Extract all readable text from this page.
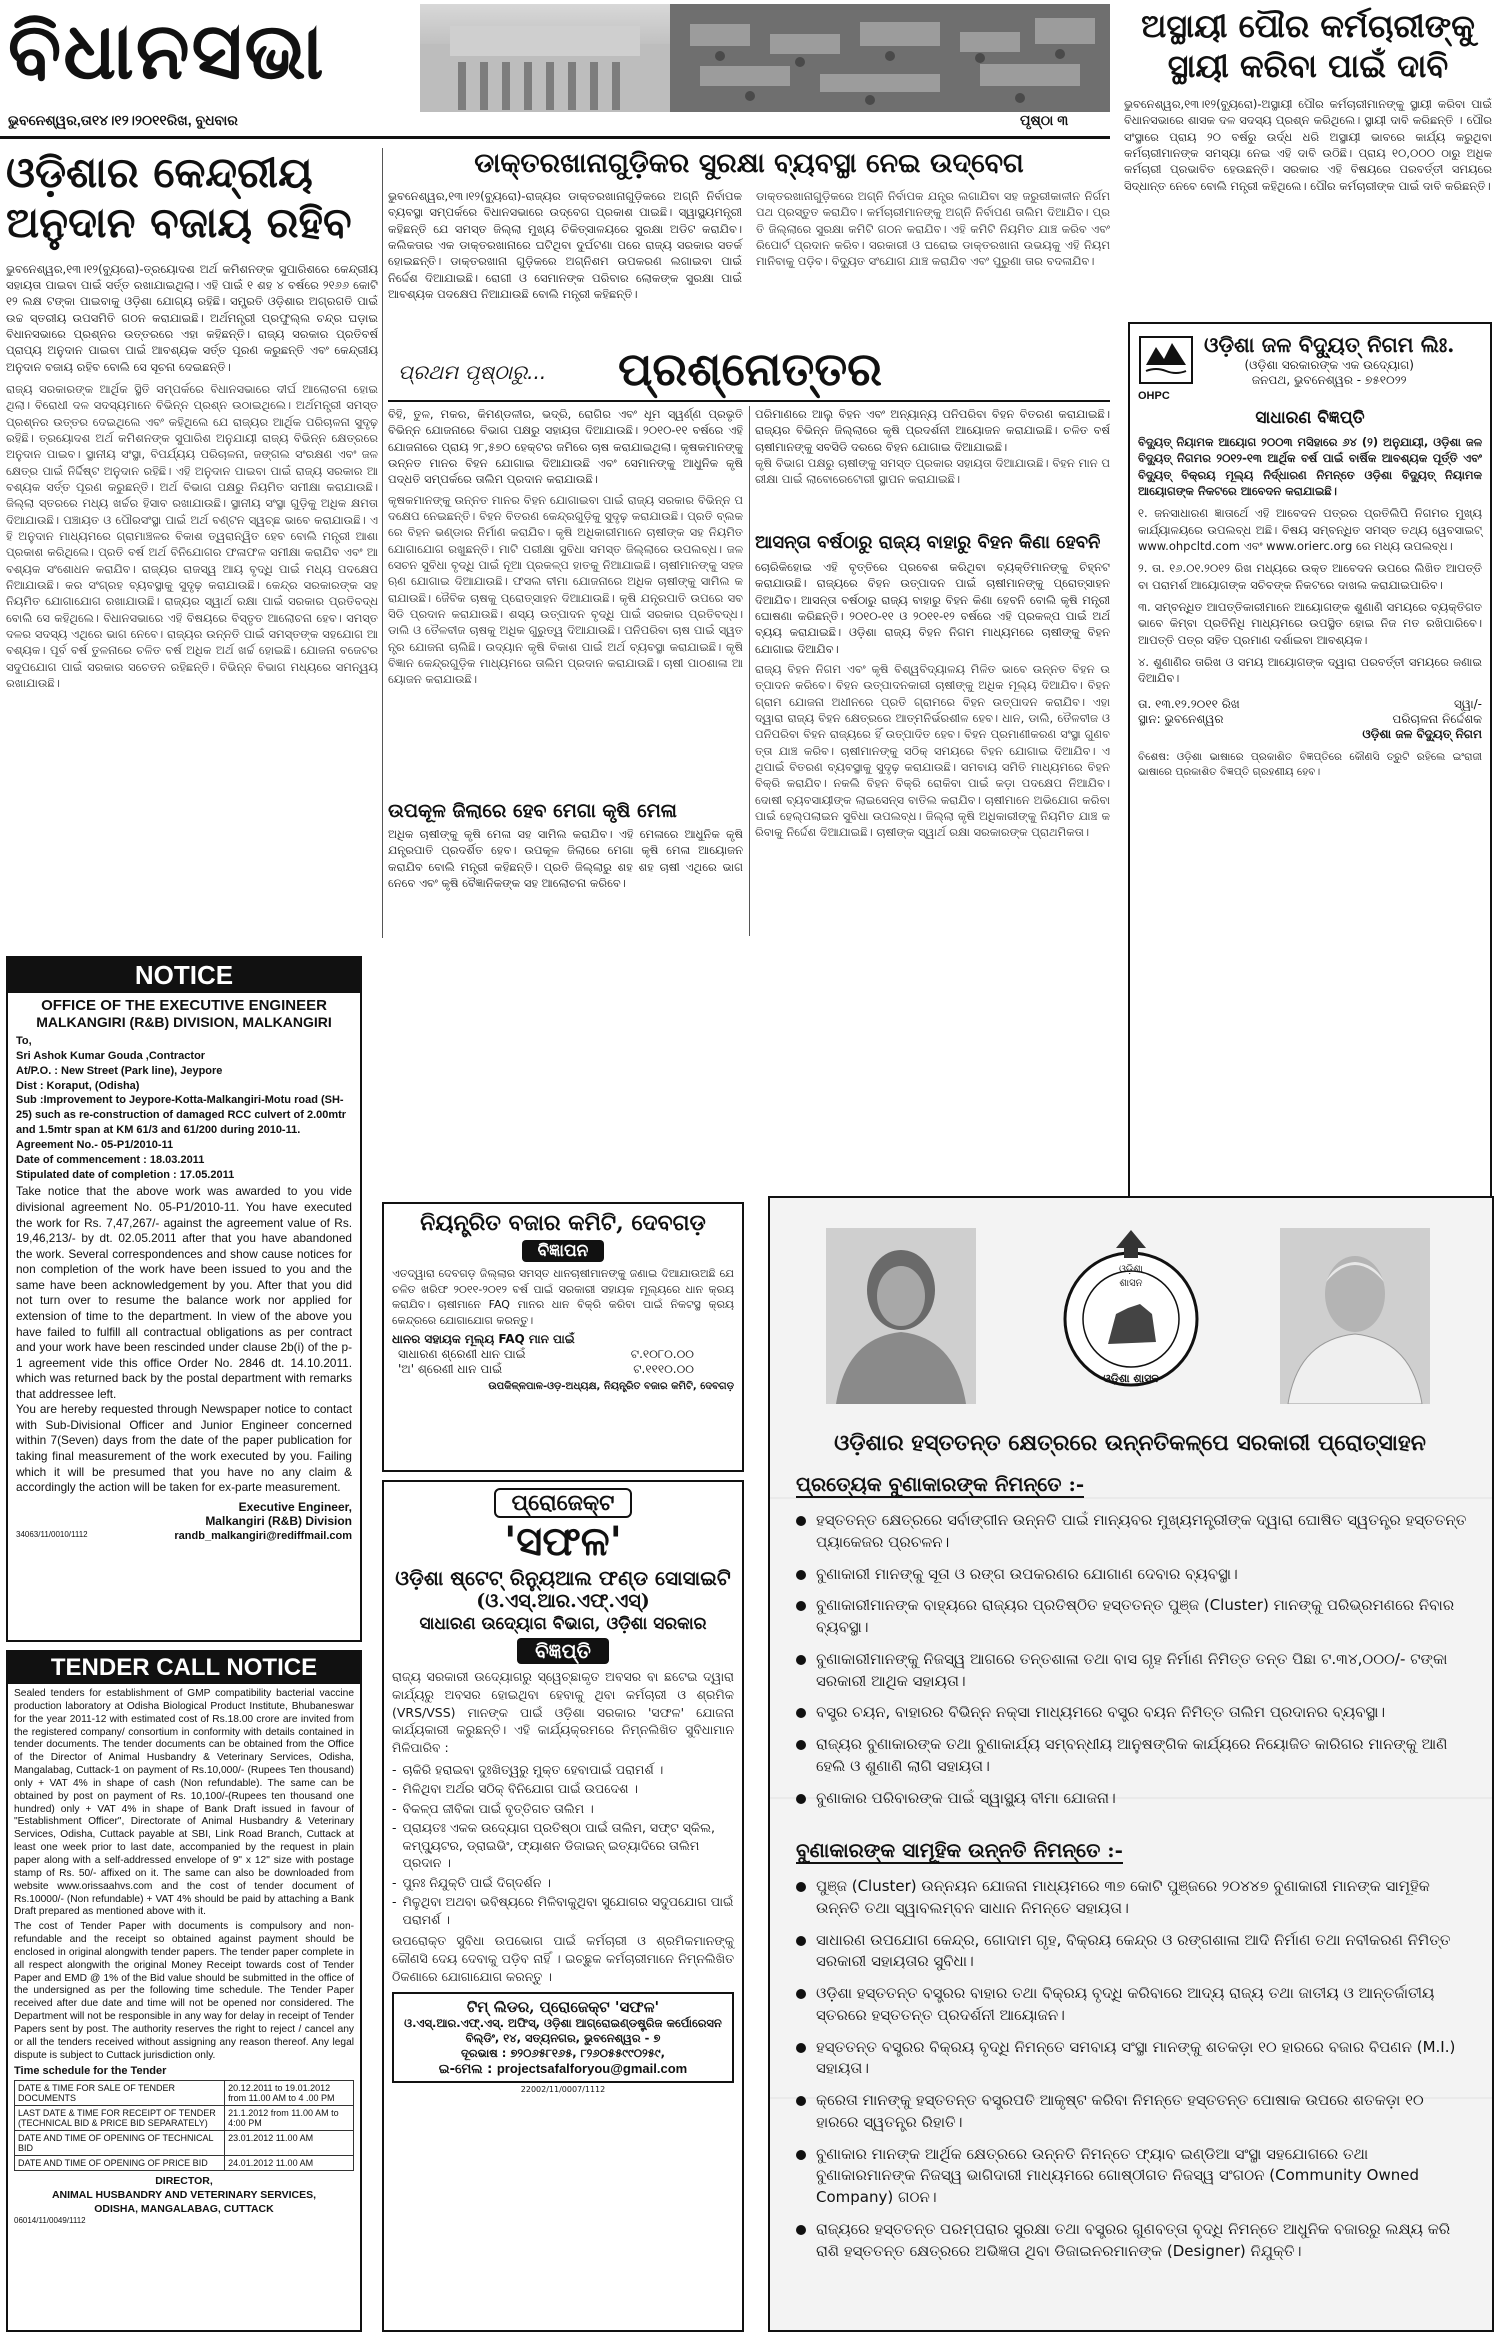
ବିଧାନସଭା
ଭୁବନେଶ୍ୱର,ତା୧୪।୧୨।୨୦୧୧ରିଖ, ବୁଧବାର	ପୃଷ୍ଠା ୩
ଅସ୍ଥାୟୀ ପୌର କର୍ମଚାରୀଙ୍କୁ
ସ୍ଥାୟୀ କରିବା ପାଇଁ ଦାବି
ଭୁବନେଶ୍ୱର,୧୩।୧୨(ବ୍ୟୁରୋ)-ଅସ୍ଥାୟୀ ପୌର କର୍ମଚାରୀମାନଙ୍କୁ ସ୍ଥାୟୀ କରିବା ପାଇଁ ବିଧାନସଭାରେ ଶାସକ ଦଳ ସଦସ୍ୟ ପ୍ରଶ୍ନ କରିଥିଲେ। ସ୍ଥାୟୀ ଦାବି କରିଛନ୍ତି । ପୌର ସଂସ୍ଥାରେ ପ୍ରାୟ ୨୦ ବର୍ଷରୁ ଉର୍ଦ୍ଧ ଧରି ଅସ୍ଥାୟୀ ଭାବରେ କାର୍ଯ୍ୟ କରୁଥିବା କର୍ମଚାରୀମାନଙ୍କ ସମସ୍ୟା ନେଇ ଏହି ଦାବି ଉଠିଛି। ପ୍ରାୟ ୧୦,୦୦୦ ଠାରୁ ଅଧିକ କର୍ମଚାରୀ ପ୍ରଭାବିତ ହେଉଛନ୍ତି। ସରକାର ଏହି ବିଷୟରେ ପରବର୍ତ୍ତୀ ସମୟରେ ସିଦ୍ଧାନ୍ତ ନେବେ ବୋଲି ମନ୍ତ୍ରୀ କହିଥିଲେ। ପୌର କର୍ମଚାରୀଙ୍କ ପାଇଁ ଦାବି କରିଛନ୍ତି।
ଓଡ଼ିଶାର କେନ୍ଦ୍ରୀୟ
ଅନୁଦାନ ବଜାୟ ରହିବ
ଭୁବନେଶ୍ୱର,୧୩।୧୨(ବ୍ୟୁରୋ)-ତ୍ରୟୋଦଶ ଅର୍ଥ କମିଶନଙ୍କ ସୁପାରିଶରେ କେନ୍ଦ୍ରୀୟ ସହାୟତା ପାଇବା ପାଇଁ ସର୍ତ୍ତ ରଖାଯାଇଥିଲା। ଏହି ପାଇଁ ୧ ଶହ ୪ ବର୍ଷରେ ୨୧୬୬ କୋଟି ୧୨ ଲକ୍ଷ ଟଙ୍କା ପାଇବାକୁ ଓଡ଼ିଶା ଯୋଗ୍ୟ ରହିଛି। ସମ୍ପ୍ରତି ଓଡ଼ିଶାର ଅଗ୍ରଗତି ପାଇଁ ଉଚ୍ଚ ସ୍ତରୀୟ ଉପସମିତି ଗଠନ କରାଯାଇଛି। ଅର୍ଥମନ୍ତ୍ରୀ ପ୍ରଫୁଲ୍ଲ ଚନ୍ଦ୍ର ଘଡ଼ାଇ ବିଧାନସଭାରେ ପ୍ରଶ୍ନର ଉତ୍ତରରେ ଏହା କହିଛନ୍ତି। ରାଜ୍ୟ ସରକାର ପ୍ରତିବର୍ଷ ପ୍ରାପ୍ୟ ଅନୁଦାନ ପାଇବା ପାଇଁ ଆବଶ୍ୟକ ସର୍ତ୍ତ ପୂରଣ କରୁଛନ୍ତି ଏବଂ କେନ୍ଦ୍ରୀୟ ଅନୁଦାନ ବଜାୟ ରହିବ ବୋଲି ସେ ସୂଚନା ଦେଇଛନ୍ତି।
ରାଜ୍ୟ ସରକାରଙ୍କ ଆର୍ଥିକ ସ୍ଥିତି ସମ୍ପର୍କରେ ବିଧାନସଭାରେ ଦୀର୍ଘ ଆଲୋଚନା ହୋଇଥିଲା। ବିରୋଧୀ ଦଳ ସଦସ୍ୟମାନେ ବିଭିନ୍ନ ପ୍ରଶ୍ନ ଉଠାଇଥିଲେ। ଅର୍ଥମନ୍ତ୍ରୀ ସମସ୍ତ ପ୍ରଶ୍ନର ଉତ୍ତର ଦେଇଥିଲେ ଏବଂ କହିଥିଲେ ଯେ ରାଜ୍ୟର ଆର୍ଥିକ ପରିଚାଳନା ସୁଦୃଢ଼ ରହିଛି। ତ୍ରୟୋଦଶ ଅର୍ଥ କମିଶନଙ୍କ ସୁପାରିଶ ଅନୁଯାୟୀ ରାଜ୍ୟ ବିଭିନ୍ନ କ୍ଷେତ୍ରରେ ଅନୁଦାନ ପାଇବ। ସ୍ଥାନୀୟ ସଂସ୍ଥା, ବିପର୍ଯ୍ୟୟ ପରିଚାଳନା, ଜଙ୍ଗଲ ସଂରକ୍ଷଣ ଏବଂ ଜଳ କ୍ଷେତ୍ର ପାଇଁ ନିର୍ଦ୍ଦିଷ୍ଟ ଅନୁଦାନ ରହିଛି। ଏହି ଅନୁଦାନ ପାଇବା ପାଇଁ ରାଜ୍ୟ ସରକାର ଆବଶ୍ୟକ ସର୍ତ୍ତ ପୂରଣ କରୁଛନ୍ତି। ଅର୍ଥ ବିଭାଗ ପକ୍ଷରୁ ନିୟମିତ ସମୀକ୍ଷା କରାଯାଉଛି। ଜିଲ୍ଲା ସ୍ତରରେ ମଧ୍ୟ ଖର୍ଚ୍ଚର ହିସାବ ରଖାଯାଉଛି। ସ୍ଥାନୀୟ ସଂସ୍ଥା ଗୁଡ଼ିକୁ ଅଧିକ କ୍ଷମତା ଦିଆଯାଉଛି। ପଞ୍ଚାୟତ ଓ ପୌରସଂସ୍ଥା ପାଇଁ ଅର୍ଥ ବଣ୍ଟନ ସ୍ୱଚ୍ଛ ଭାବେ କରାଯାଉଛି। ଏହି ଅନୁଦାନ ମାଧ୍ୟମରେ ଗ୍ରାମାଞ୍ଚଳର ବିକାଶ ତ୍ୱରାନ୍ୱିତ ହେବ ବୋଲି ମନ୍ତ୍ରୀ ଆଶା ପ୍ରକାଶ କରିଥିଲେ। ପ୍ରତି ବର୍ଷ ଅର୍ଥ ବିନିଯୋଗର ଫଳାଫଳ ସମୀକ୍ଷା କରାଯିବ ଏବଂ ଆବଶ୍ୟକ ସଂଶୋଧନ କରାଯିବ। ରାଜ୍ୟର ରାଜସ୍ୱ ଆୟ ବୃଦ୍ଧି ପାଇଁ ମଧ୍ୟ ପଦକ୍ଷେପ ନିଆଯାଉଛି। କର ସଂଗ୍ରହ ବ୍ୟବସ୍ଥାକୁ ସୁଦୃଢ଼ କରାଯାଉଛି। କେନ୍ଦ୍ର ସରକାରଙ୍କ ସହ ନିୟମିତ ଯୋଗାଯୋଗ ରଖାଯାଉଛି। ରାଜ୍ୟର ସ୍ୱାର୍ଥ ରକ୍ଷା ପାଇଁ ସରକାର ପ୍ରତିବଦ୍ଧ ବୋଲି ସେ କହିଥିଲେ। ବିଧାନସଭାରେ ଏହି ବିଷୟରେ ବିସ୍ତୃତ ଆଲୋଚନା ହେବ। ସମସ୍ତ ଦଳର ସଦସ୍ୟ ଏଥିରେ ଭାଗ ନେବେ। ରାଜ୍ୟର ଉନ୍ନତି ପାଇଁ ସମସ୍ତଙ୍କ ସହଯୋଗ ଆବଶ୍ୟକ। ପୂର୍ବ ବର୍ଷ ତୁଳନାରେ ଚଳିତ ବର୍ଷ ଅଧିକ ଅର୍ଥ ଖର୍ଚ୍ଚ ହୋଇଛି। ଯୋଜନା ବଜେଟର ସଦୁପଯୋଗ ପାଇଁ ସରକାର ସଚେତନ ରହିଛନ୍ତି। ବିଭିନ୍ନ ବିଭାଗ ମଧ୍ୟରେ ସମନ୍ୱୟ ରଖାଯାଉଛି।
ଡାକ୍ତରଖାନାଗୁଡ଼ିକର ସୁରକ୍ଷା ବ୍ୟବସ୍ଥା ନେଇ ଉଦ୍‌ବେଗ
ଭୁବନେଶ୍ୱର,୧୩।୧୨(ବ୍ୟୁରୋ)-ରାଜ୍ୟର ଡାକ୍ତରଖାନାଗୁଡ଼ିକରେ ଅଗ୍ନି ନିର୍ବାପକ ବ୍ୟବସ୍ଥା ସମ୍ପର୍କରେ ବିଧାନସଭାରେ ଉଦ୍‌ବେଗ ପ୍ରକାଶ ପାଇଛି। ସ୍ୱାସ୍ଥ୍ୟମନ୍ତ୍ରୀ କହିଛନ୍ତି ଯେ ସମସ୍ତ ଜିଲ୍ଲା ମୁଖ୍ୟ ଚିକିତ୍ସାଳୟରେ ସୁରକ୍ଷା ଅଡିଟ କରାଯିବ। କଲିକତାର ଏକ ଡାକ୍ତରଖାନାରେ ଘଟିଥିବା ଦୁର୍ଘଟଣା ପରେ ରାଜ୍ୟ ସରକାର ସତର୍କ ହୋଇଛନ୍ତି। ଡାକ୍ତରଖାନା ଗୁଡ଼ିକରେ ଅଗ୍ନିଶମ ଉପକରଣ ଲଗାଇବା ପାଇଁ ନିର୍ଦ୍ଦେଶ ଦିଆଯାଇଛି। ରୋଗୀ ଓ ସେମାନଙ୍କ ପରିବାର ଲୋକଙ୍କ ସୁରକ୍ଷା ପାଇଁ ଆବଶ୍ୟକ ପଦକ୍ଷେପ ନିଆଯାଉଛି ବୋଲି ମନ୍ତ୍ରୀ କହିଛନ୍ତି।
ଡାକ୍ତରଖାନାଗୁଡ଼ିକରେ ଅଗ୍ନି ନିର୍ବାପକ ଯନ୍ତ୍ର ଲଗାଯିବା ସହ ଜରୁରୀକାଳୀନ ନିର୍ଗମ ପଥ ପ୍ରସ୍ତୁତ କରାଯିବ। କର୍ମଚାରୀମାନଙ୍କୁ ଅଗ୍ନି ନିର୍ବାପଣ ତାଲିମ ଦିଆଯିବ। ପ୍ରତି ଜିଲ୍ଲାରେ ସୁରକ୍ଷା କମିଟି ଗଠନ କରାଯିବ। ଏହି କମିଟି ନିୟମିତ ଯାଞ୍ଚ କରିବ ଏବଂ ରିପୋର୍ଟ ପ୍ରଦାନ କରିବ। ସରକାରୀ ଓ ଘରୋଇ ଡାକ୍ତରଖାନା ଉଭୟକୁ ଏହି ନିୟମ ମାନିବାକୁ ପଡ଼ିବ। ବିଦ୍ୟୁତ ସଂଯୋଗ ଯାଞ୍ଚ କରାଯିବ ଏବଂ ପୁରୁଣା ତାର ବଦଳାଯିବ।
ପ୍ରଥମ ପୃଷ୍ଠାରୁ... ପ୍ରଶ୍ନୋତ୍ତର
ବିହି, ତୁଳ, ମକର, କିମଣ୍ଡଳୀର, ଭଦ୍ରି, ରୋଗିର ଏବଂ ଧୂମ ସ୍ୱର୍ଣ୍ଣ ପ୍ରଭୃତି ବିଭିନ୍ନ ଯୋଜନାରେ ବିଭାଗ ପକ୍ଷରୁ ସହାୟତା ଦିଆଯାଉଛି। ୨୦୧୦-୧୧ ବର୍ଷରେ ଏହି ଯୋଜନାରେ ପ୍ରାୟ ୨୮,୫୭୦ ହେକ୍ଟର ଜମିରେ ଚାଷ କରାଯାଇଥିଲା। କୃଷକମାନଙ୍କୁ ଉନ୍ନତ ମାନର ବିହନ ଯୋଗାଇ ଦିଆଯାଉଛି ଏବଂ ସେମାନଙ୍କୁ ଆଧୁନିକ କୃଷି ପଦ୍ଧତି ସମ୍ପର୍କରେ ତାଲିମ ପ୍ରଦାନ କରାଯାଉଛି।
କୃଷକମାନଙ୍କୁ ଉନ୍ନତ ମାନର ବିହନ ଯୋଗାଇବା ପାଇଁ ରାଜ୍ୟ ସରକାର ବିଭିନ୍ନ ପଦକ୍ଷେପ ନେଇଛନ୍ତି। ବିହନ ବିତରଣ କେନ୍ଦ୍ରଗୁଡ଼ିକୁ ସୁଦୃଢ଼ କରାଯାଉଛି। ପ୍ରତି ବ୍ଲକରେ ବିହନ ଭଣ୍ଡାର ନିର୍ମାଣ କରାଯିବ। କୃଷି ଅଧିକାରୀମାନେ ଚାଷୀଙ୍କ ସହ ନିୟମିତ ଯୋଗାଯୋଗ ରଖୁଛନ୍ତି। ମାଟି ପରୀକ୍ଷା ସୁବିଧା ସମସ୍ତ ଜିଲ୍ଲାରେ ଉପଲବ୍ଧ। ଜଳସେଚନ ସୁବିଧା ବୃଦ୍ଧି ପାଇଁ ନୂଆ ପ୍ରକଳ୍ପ ହାତକୁ ନିଆଯାଇଛି। ଚାଷୀମାନଙ୍କୁ ସହଜ ଋଣ ଯୋଗାଇ ଦିଆଯାଉଛି। ଫସଲ ବୀମା ଯୋଜନାରେ ଅଧିକ ଚାଷୀଙ୍କୁ ସାମିଲ କରାଯାଉଛି। ଜୈବିକ ଚାଷକୁ ପ୍ରୋତ୍ସାହନ ଦିଆଯାଉଛି। କୃଷି ଯନ୍ତ୍ରପାତି ଉପରେ ସବସିଡି ପ୍ରଦାନ କରାଯାଉଛି। ଶସ୍ୟ ଉତ୍ପାଦନ ବୃଦ୍ଧି ପାଇଁ ସରକାର ପ୍ରତିବଦ୍ଧ। ଡାଲି ଓ ତୈଳବୀଜ ଚାଷକୁ ଅଧିକ ଗୁରୁତ୍ୱ ଦିଆଯାଉଛି। ପନିପରିବା ଚାଷ ପାଇଁ ସ୍ୱତନ୍ତ୍ର ଯୋଜନା ଚାଲିଛି। ଉଦ୍ୟାନ କୃଷି ବିକାଶ ପାଇଁ ଅର୍ଥ ବ୍ୟବସ୍ଥା କରାଯାଇଛି। କୃଷି ବିଜ୍ଞାନ କେନ୍ଦ୍ରଗୁଡ଼ିକ ମାଧ୍ୟମରେ ତାଲିମ ପ୍ରଦାନ କରାଯାଉଛି। ଚାଷୀ ପାଠଶାଳା ଆୟୋଜନ କରାଯାଉଛି।
ପରିମାଣରେ ଆଲୁ ବିହନ ଏବଂ ଅନ୍ୟାନ୍ୟ ପନିପରିବା ବିହନ ବିତରଣ କରାଯାଇଛି। ରାଜ୍ୟର ବିଭିନ୍ନ ଜିଲ୍ଲାରେ କୃଷି ପ୍ରଦର୍ଶନୀ ଆୟୋଜନ କରାଯାଇଛି। ଚଳିତ ବର୍ଷ ଚାଷୀମାନଙ୍କୁ ସବସିଡି ଦରରେ ବିହନ ଯୋଗାଇ ଦିଆଯାଇଛି।
କୃଷି ବିଭାଗ ପକ୍ଷରୁ ଚାଷୀଙ୍କୁ ସମସ୍ତ ପ୍ରକାର ସହାୟତା ଦିଆଯାଉଛି। ବିହନ ମାନ ପରୀକ୍ଷା ପାଇଁ ଲାବୋରେଟୋରୀ ସ୍ଥାପନ କରାଯାଇଛି।
ଆସନ୍ତା ବର୍ଷଠାରୁ ରାଜ୍ୟ ବାହାରୁ ବିହନ କିଣା ହେବନି
ଚୋରିକିହୋଇ ଏହି ବୃତ୍ତିରେ ପ୍ରବେଶ କରିଥିବା ବ୍ୟକ୍ତିମାନଙ୍କୁ ଚିହ୍ନଟ କରାଯାଉଛି। ରାଜ୍ୟରେ ବିହନ ଉତ୍ପାଦନ ପାଇଁ ଚାଷୀମାନଙ୍କୁ ପ୍ରୋତ୍ସାହନ ଦିଆଯିବ। ଆସନ୍ତା ବର୍ଷଠାରୁ ରାଜ୍ୟ ବାହାରୁ ବିହନ କିଣା ହେବନି ବୋଲି କୃଷି ମନ୍ତ୍ରୀ ଘୋଷଣା କରିଛନ୍ତି। ୨୦୧୦-୧୧ ଓ ୨୦୧୧-୧୨ ବର୍ଷରେ ଏହି ପ୍ରକଳ୍ପ ପାଇଁ ଅର୍ଥ ବ୍ୟୟ କରାଯାଇଛି। ଓଡ଼ିଶା ରାଜ୍ୟ ବିହନ ନିଗମ ମାଧ୍ୟମରେ ଚାଷୀଙ୍କୁ ବିହନ ଯୋଗାଇ ଦିଆଯିବ।
ରାଜ୍ୟ ବିହନ ନିଗମ ଏବଂ କୃଷି ବିଶ୍ୱବିଦ୍ୟାଳୟ ମିଳିତ ଭାବେ ଉନ୍ନତ ବିହନ ଉତ୍ପାଦନ କରିବେ। ବିହନ ଉତ୍ପାଦନକାରୀ ଚାଷୀଙ୍କୁ ଅଧିକ ମୂଲ୍ୟ ଦିଆଯିବ। ବିହନ ଗ୍ରାମ ଯୋଜନା ଅଧୀନରେ ପ୍ରତି ଗ୍ରାମରେ ବିହନ ଉତ୍ପାଦନ କରାଯିବ। ଏହା ଦ୍ୱାରା ରାଜ୍ୟ ବିହନ କ୍ଷେତ୍ରରେ ଆତ୍ମନିର୍ଭରଶୀଳ ହେବ। ଧାନ, ଡାଲି, ତୈଳବୀଜ ଓ ପନିପରିବା ବିହନ ରାଜ୍ୟରେ ହିଁ ଉତ୍ପାଦିତ ହେବ। ବିହନ ପ୍ରମାଣୀକରଣ ସଂସ୍ଥା ଗୁଣବତ୍ତା ଯାଞ୍ଚ କରିବ। ଚାଷୀମାନଙ୍କୁ ସଠିକ୍ ସମୟରେ ବିହନ ଯୋଗାଇ ଦିଆଯିବ। ଏଥିପାଇଁ ବିତରଣ ବ୍ୟବସ୍ଥାକୁ ସୁଦୃଢ଼ କରାଯାଉଛି। ସମବାୟ ସମିତି ମାଧ୍ୟମରେ ବିହନ ବିକ୍ରି କରାଯିବ। ନକଲି ବିହନ ବିକ୍ରି ରୋକିବା ପାଇଁ କଡ଼ା ପଦକ୍ଷେପ ନିଆଯିବ। ଦୋଷୀ ବ୍ୟବସାୟୀଙ୍କ ଲାଇସେନ୍ସ ବାତିଲ କରାଯିବ। ଚାଷୀମାନେ ଅଭିଯୋଗ କରିବା ପାଇଁ ହେଲ୍ପଲାଇନ ସୁବିଧା ଉପଲବ୍ଧ। ଜିଲ୍ଲା କୃଷି ଅଧିକାରୀଙ୍କୁ ନିୟମିତ ଯାଞ୍ଚ କରିବାକୁ ନିର୍ଦ୍ଦେଶ ଦିଆଯାଇଛି। ଚାଷୀଙ୍କ ସ୍ୱାର୍ଥ ରକ୍ଷା ସରକାରଙ୍କ ପ୍ରାଥମିକତା।
ଉପକୂଳ ଜିଲାରେ ହେବ ମେଗା କୃଷି ମେଳା
ଅଧିକ ଚାଷୀଙ୍କୁ କୃଷି ମେଳା ସହ ସାମିଲ କରାଯିବ। ଏହି ମେଳାରେ ଆଧୁନିକ କୃଷି ଯନ୍ତ୍ରପାତି ପ୍ରଦର୍ଶିତ ହେବ। ଉପକୂଳ ଜିଲାରେ ମେଗା କୃଷି ମେଳା ଆୟୋଜନ କରାଯିବ ବୋଲି ମନ୍ତ୍ରୀ କହିଛନ୍ତି। ପ୍ରତି ଜିଲ୍ଲାରୁ ଶହ ଶହ ଚାଷୀ ଏଥିରେ ଭାଗ ନେବେ ଏବଂ କୃଷି ବୈଜ୍ଞାନିକଙ୍କ ସହ ଆଲୋଚନା କରିବେ।
ଓଡ଼ିଶା ଜଳ ବିଦ୍ୟୁତ୍ ନିଗମ ଲିଃ.
(ଓଡ଼ିଶା ସରକାରଙ୍କ ଏକ ଉଦ୍ୟୋଗ)
ଜନପଥ, ଭୁବନେଶ୍ୱର - ୭୫୧୦୨୨
OHPC
ସାଧାରଣ ବିଜ୍ଞପ୍ତି
ବିଦ୍ୟୁତ୍ ନିୟାମକ ଆୟୋଗ ୨୦୦୩ ମସିହାରେ ୬୪ (୨) ଅନୁଯାୟୀ, ଓଡ଼ିଶା ଜଳ ବିଦ୍ୟୁତ୍ ନିଗମର ୨୦୧୨-୧୩ ଆର୍ଥିକ ବର୍ଷ ପାଇଁ ବାର୍ଷିକ ଆବଶ୍ୟକ ପୂର୍ତ୍ତି ଏବଂ ବିଦ୍ୟୁତ୍ ବିକ୍ରୟ ମୂଲ୍ୟ ନିର୍ଦ୍ଧାରଣ ନିମନ୍ତେ ଓଡ଼ିଶା ବିଦ୍ୟୁତ୍ ନିୟାମକ ଆୟୋଗଙ୍କ ନିକଟରେ ଆବେଦନ କରାଯାଇଛି।
୧. ଜନସାଧାରଣ ଜ୍ଞାତାର୍ଥେ ଏହି ଆବେଦନ ପତ୍ରର ପ୍ରତିଲିପି ନିଗମର ମୁଖ୍ୟ କାର୍ଯ୍ୟାଳୟରେ ଉପଲବ୍ଧ ଅଛି। ବିଷୟ ସମ୍ବନ୍ଧିତ ସମସ୍ତ ତଥ୍ୟ ୱେବସାଇଟ୍ www.ohpcltd.com ଏବଂ www.orierc.org ରେ ମଧ୍ୟ ଉପଲବ୍ଧ।
୨. ତା. ୧୬.୦୧.୨୦୧୨ ରିଖ ମଧ୍ୟରେ ଉକ୍ତ ଆବେଦନ ଉପରେ ଲିଖିତ ଆପତ୍ତି ବା ପରାମର୍ଶ ଆୟୋଗଙ୍କ ସଚିବଙ୍କ ନିକଟରେ ଦାଖଲ କରାଯାଇପାରିବ।
୩. ସମ୍ବନ୍ଧିତ ଆପତ୍ତିକାରୀମାନେ ଆୟୋଗଙ୍କ ଶୁଣାଣି ସମୟରେ ବ୍ୟକ୍ତିଗତ ଭାବେ କିମ୍ବା ପ୍ରତିନିଧି ମାଧ୍ୟମରେ ଉପସ୍ଥିତ ହୋଇ ନିଜ ମତ ରଖିପାରିବେ। ଆପତ୍ତି ପତ୍ର ସହିତ ପ୍ରମାଣ ଦର୍ଶାଇବା ଆବଶ୍ୟକ।
୪. ଶୁଣାଣିର ତାରିଖ ଓ ସମୟ ଆୟୋଗଙ୍କ ଦ୍ୱାରା ପରବର୍ତ୍ତୀ ସମୟରେ ଜଣାଇ ଦିଆଯିବ।
ତା. ୧୩.୧୨.୨୦୧୧ ରିଖ
ସ୍ଥାନ: ଭୁବନେଶ୍ୱର
ସ୍ୱା/-
ପରିଚାଳନା ନିର୍ଦ୍ଦେଶକ
ଓଡ଼ିଶା ଜଳ ବିଦ୍ୟୁତ୍ ନିଗମ
ବିଶେଷ: ଓଡ଼ିଶା ଭାଷାରେ ପ୍ରକାଶିତ ବିଜ୍ଞପ୍ତିରେ କୌଣସି ତ୍ରୁଟି ରହିଲେ ଇଂରାଜୀ ଭାଷାରେ ପ୍ରକାଶିତ ବିଜ୍ଞପ୍ତି ଗ୍ରହଣୀୟ ହେବ।
NOTICE
OFFICE OF THE EXECUTIVE ENGINEER
MALKANGIRI (R&B) DIVISION, MALKANGIRI
To,
Sri Ashok Kumar Gouda ,Contractor
At/P.O. : New Street (Park line), Jeypore
Dist : Koraput, (Odisha)
Sub :Improvement to Jeypore-Kotta-Malkangiri-Motu road (SH-25) such as re-construction of damaged RCC culvert of 2.00mtr and 1.5mtr span at KM 61/3 and 61/200 during 2010-11.
Agreement No.- 05-P1/2010-11
Date of commencement : 18.03.2011
Stipulated date of completion : 17.05.2011
Take notice that the above work was awarded to you vide divisional agreement No. 05-P1/2010-11. You have executed the work for Rs. 7,47,267/- against the agreement value of Rs. 19,46,213/- by dt. 02.05.2011 after that you have abandoned the work. Several correspondences and show cause notices for non completion of the work have been issued to you and the same have been acknowledgement by you. After that you did not turn over to resume the balance work nor applied for extension of time to the department. In view of the above you have failed to fulfill all contractual obligations as per contract and your work have been rescinded under clause 2b(i) of the p-1 agreement vide this office Order No. 2846 dt. 14.10.2011. which was returned back by the postal department with remarks that addressee left.
You are hereby requested through Newspaper notice to contact with Sub-Divisional Officer and Junior Engineer concerned within 7(Seven) days from the date of the paper publication for taking final measurement of the work executed by you. Failing which it will be presumed that you have no any claim & accordingly the action will be taken for ex-parte measurement.
Executive Engineer,
Malkangiri (R&B) Division
34063/11/0010/1112	randb_malkangiri@rediffmail.com
TENDER CALL NOTICE
Sealed tenders for establishment of GMP compatibility bacterial vaccine production laboratory at Odisha Biological Product Institute, Bhubaneswar for the year 2011-12 with estimated cost of Rs.18.00 crore are invited from the registered company/ consortium in conformity with details contained in tender documents. The tender documents can be obtained from the Office of the Director of Animal Husbandry & Veterinary Services, Odisha, Mangalabag, Cuttack-1 on payment of Rs.10,000/- (Rupees Ten thousand) only + VAT 4% in shape of cash (Non refundable). The same can be obtained by post on payment of Rs. 10,100/-(Rupees ten thousand one hundred) only + VAT 4% in shape of Bank Draft issued in favour of "Establishment Officer", Directorate of Animal Husbandry & Veterinary Services, Odisha, Cuttack payable at SBI, Link Road Branch, Cuttack at least one week prior to last date, accompanied by the request in plain paper along with a self-addressed envelope of 9" x 12" size with postage stamp of Rs. 50/- affixed on it. The same can also be downloaded from website www.orissaahvs.com and the cost of tender document of Rs.10000/- (Non refundable) + VAT 4% should be paid by attaching a Bank Draft prepared as mentioned above with it.
The cost of Tender Paper with documents is compulsory and non-refundable and the receipt so obtained against payment should be enclosed in original alongwith tender papers. The tender paper complete in all respect alongwith the original Money Receipt towards cost of Tender Paper and EMD @ 1% of the Bid value should be submitted in the office of the undersigned as per the following time schedule. The Tender Paper received after due date and time will not be opened nor considered. The Department will not be responsible in any way for delay in receipt of Tender Papers sent by post. The authority reserves the right to reject / cancel any or all the tenders received without assigning any reason thereof. Any legal dispute is subject to Cuttack jurisdiction only.
Time schedule for the Tender
DATE & TIME FOR SALE OF TENDER DOCUMENTS	20.12.2011 to 19.01.2012 from 11.00 AM to 4 .00 PM
LAST DATE & TIME FOR RECEIPT OF TENDER (TECHNICAL BID & PRICE BID SEPARATELY)	21.1.2012 from 11.00 AM to 4:00 PM
DATE AND TIME OF OPENING OF TECHNICAL BID	23.01.2012 11.00 AM
DATE AND TIME OF OPENING OF PRICE BID	24.01.2012 11.00 AM
DIRECTOR,
ANIMAL HUSBANDRY AND VETERINARY SERVICES,
ODISHA, MANGALABAG, CUTTACK
06014/11/0049/1112
ନିୟନ୍ତ୍ରିତ ବଜାର କମିଟି, ଦେବଗଡ଼
ବିଜ୍ଞାପନ
ଏତଦ୍ୱାରା ଦେବଗଡ଼ ଜିଲ୍ଲାର ସମସ୍ତ ଧାନଚାଷୀମାନଙ୍କୁ ଜଣାଇ ଦିଆଯାଉଅଛି ଯେ ଚଳିତ ଖରିଫ ୨୦୧୧-୨୦୧୨ ବର୍ଷ ପାଇଁ ସରକାରୀ ସହାୟକ ମୂଲ୍ୟରେ ଧାନ କ୍ରୟ କରାଯିବ। ଚାଷୀମାନେ FAQ ମାନର ଧାନ ବିକ୍ରି କରିବା ପାଇଁ ନିକଟସ୍ଥ କ୍ରୟ କେନ୍ଦ୍ରରେ ଯୋଗାଯୋଗ କରନ୍ତୁ।
ଧାନର ସହାୟକ ମୂଲ୍ୟ FAQ ମାନ ପାଇଁ
ସାଧାରଣ ଶ୍ରେଣୀ ଧାନ ପାଇଁ	ଟ.୧୦୮୦.୦୦
'ଅ' ଶ୍ରେଣୀ ଧାନ ପାଇଁ	ଟ.୧୧୧୦.୦୦
ଉପକିଳ୍ଳପାଳ-ଓଡ଼-ଅଧ୍ୟକ୍ଷ, ନିୟନ୍ତ୍ରିତ ବଜାର କମିଟି, ଦେବଗଡ଼
ପ୍ରୋଜେକ୍ଟ
'ସଫଳ'
ଓଡ଼ିଶା ଷ୍ଟେଟ୍ ରିନ୍ୟୁଆଲ ଫଣ୍ଡ ସୋସାଇଟି
(ଓ.ଏସ୍.ଆର.ଏଫ୍.ଏସ୍)
ସାଧାରଣ ଉଦ୍ୟୋଗ ବିଭାଗ, ଓଡ଼ିଶା ସରକାର
ବିଜ୍ଞପ୍ତି
ରାଜ୍ୟ ସରକାରୀ ଉଦ୍ୟୋଗରୁ ସ୍ୱେଚ୍ଛାକୃତ ଅବସର ବା ଛଟେଇ ଦ୍ୱାରା କାର୍ଯ୍ୟରୁ ଅବସର ହୋଇଥିବା ହେବାକୁ ଥିବା କର୍ମଚାରୀ ଓ ଶ୍ରମିକ (VRS/VSS) ମାନଙ୍କ ପାଇଁ ଓଡ଼ିଶା ସରକାର 'ସଫଳ' ଯୋଜନା କାର୍ଯ୍ୟକାରୀ କରୁଛନ୍ତି। ଏହି କାର୍ଯ୍ୟକ୍ରମରେ ନିମ୍ନଲିଖିତ ସୁବିଧାମାନ ମିଳିପାରିବ :
- ଚାକିରି ହରାଇବା ଦୁଃଖିତ୍ୱରୁ ମୁକ୍ତ ହେବାପାଇଁ ପରାମର୍ଶ ।
- ମିଳିଥିବା ଅର୍ଥର ସଠିକ୍ ବିନିଯୋଗ ପାଇଁ ଉପଦେଶ ।
- ବିକଳ୍ପ ଜୀବିକା ପାଇଁ ବୃତ୍ତିଗତ ତାଲିମ ।
- ପ୍ରାୟତଃ ଏକକ ଉଦ୍ୟୋଗ ପ୍ରତିଷ୍ଠା ପାଇଁ ତାଲିମ, ସଫ୍ଟ ସ୍କିଲ, କମ୍ପ୍ୟୁଟର, ଡ୍ରାଇଭିଂ, ଫ୍ୟାଶନ ଡିଜାଇନ୍ ଇତ୍ୟାଦିରେ ତାଲିମ ପ୍ରଦାନ ।
- ପୁନଃ ନିଯୁକ୍ତି ପାଇଁ ଦିଗ୍‌ଦର୍ଶନ ।
- ମିଳୁଥିବା ଅଥବା ଭବିଷ୍ୟରେ ମିଳିବାକୁଥିବା ସୁଯୋଗର ସଦୁପଯୋଗ ପାଇଁ ପରାମର୍ଶ ।
ଉପରୋକ୍ତ ସୁବିଧା ଉପଭୋଗ ପାଇଁ କର୍ମଚାରୀ ଓ ଶ୍ରମିକମାନଙ୍କୁ କୌଣସି ଦେୟ ଦେବାକୁ ପଡ଼ିବ ନାହିଁ । ଇଚ୍ଛୁକ କର୍ମଚାରୀମାନେ ନିମ୍ନଲିଖିତ ଠିକଣାରେ ଯୋଗାଯୋଗ କରନ୍ତୁ ।
ଟିମ୍ ଲିଡର, ପ୍ରୋଜେକ୍ଟ 'ସଫଳ'
ଓ.ଏସ୍.ଆର.ଏଫ୍.ଏସ୍. ଅଫିସ୍, ଓଡ଼ିଶା ଆଗ୍ରୋଇଣ୍ଡଷ୍ଟ୍ରିଜ କର୍ପୋରେସନ ବିଲ୍ଡିଂ, ୧୪, ସତ୍ୟନଗର, ଭୁବନେଶ୍ୱର - ୭
ଦୂରଭାଷ : ୭୨୦୬୫୮୧୬୫, ୮୨୬୦୫୫୯୯୦୨୫୯,
ଇ-ମେଲ : projectsafalforyou@gmail.com
22002/11/0007/1112
ଓଡ଼ିଶା
ଶାସନ
ଓଡ଼ିଶା ଶାସନ
ଓଡ଼ିଶାର ହସ୍ତତନ୍ତ କ୍ଷେତ୍ରରେ ଉନ୍ନତିକଳ୍ପେ ସରକାରୀ ପ୍ରୋତ୍ସାହନ
ପ୍ରତ୍ୟେକ ବୁଣାକାରଙ୍କ ନିମନ୍ତେ :-
ହସ୍ତତନ୍ତ କ୍ଷେତ୍ରରେ ସର୍ବାଙ୍ଗୀନ ଉନ୍ନତି ପାଇଁ ମାନ୍ୟବର ମୁଖ୍ୟମନ୍ତ୍ରୀଙ୍କ ଦ୍ୱାରା ଘୋଷିତ ସ୍ୱତନ୍ତ୍ର ହସ୍ତତନ୍ତ ପ୍ୟାକେଜର ପ୍ରଚଳନ।
ବୁଣାକାରୀ ମାନଙ୍କୁ ସୂତା ଓ ରଙ୍ଗ ଉପକରଣର ଯୋଗାଣ ଦେବାର ବ୍ୟବସ୍ଥା।
ବୁଣାକାରୀମାନଙ୍କ ବାହ୍ୟରେ ରାଜ୍ୟର ପ୍ରତିଷ୍ଠିତ ହସ୍ତତନ୍ତ ପୁଞ୍ଜ (Cluster) ମାନଙ୍କୁ ପରିଭ୍ରମଣରେ ନିବାର ବ୍ୟବସ୍ଥା।
ବୁଣାକାରୀମାନଙ୍କୁ ନିଜସ୍ୱ ଆଗରେ ତନ୍ତଶାଳା ତଥା ବାସ ଗୃହ ନିର୍ମାଣ ନିମିତ୍ତ ତନ୍ତ ପିଛା ଟ.୩୪,୦୦୦/- ଟଙ୍କା ସରକାରୀ ଆଥିକ ସହାୟତା।
ବସ୍ତ୍ର ଚୟନ, ବାହାରର ବିଭିନ୍ନ ନକ୍ସା ମାଧ୍ୟମରେ ବସ୍ତ୍ର ବୟନ ନିମିତ୍ତ ତାଲିମ ପ୍ରଦାନର ବ୍ୟବସ୍ଥା।
ରାଜ୍ୟର ବୁଣାକାରଙ୍କ ତଥା ବୁଣାକାର୍ଯ୍ୟ ସମ୍ବନ୍ଧୀୟ ଆନୁଷଙ୍ଗିକ କାର୍ଯ୍ୟରେ ନିୟୋଜିତ କାରିଗର ମାନଙ୍କୁ ଆଣି ହେଲି ଓ ଶୁଣାଣି ଲାଗି ସହାୟତା।
ବୁଣାକାର ପରିବାରଙ୍କ ପାଇଁ ସ୍ୱାସ୍ଥ୍ୟ ବୀମା ଯୋଜନା।
ବୁଣାକାରଙ୍କ ସାମୂହିକ ଉନ୍ନତି ନିମନ୍ତେ :-
ପୁଞ୍ଜ (Cluster) ଉନ୍ନୟନ ଯୋଜନା ମାଧ୍ୟମରେ ୩୭ କୋଟି ପୁଞ୍ଜରେ ୨୦୪୪୭ ବୁଣାକାରୀ ମାନଙ୍କ ସାମୂହିକ ଉନ୍ନତି ତଥା ସ୍ୱାବଲମ୍ବନ ସାଧାନ ନିମନ୍ତେ ସହାୟତା।
ସାଧାରଣ ଉପଯୋଗ କେନ୍ଦ୍ର, ଗୋଦାମ ଗୃହ, ବିକ୍ରୟ କେନ୍ଦ୍ର ଓ ରଙ୍ଗଶାଳା ଆଦି ନିର୍ମାଣ ତଥା ନବୀକରଣ ନିମିତ୍ତ ସରକାରୀ ସହାୟତାର ସୁବିଧା।
ଓଡ଼ିଶା ହସ୍ତତନ୍ତ ବସ୍ତ୍ରର ବାହାର ତଥା ବିକ୍ରୟ ବୃଦ୍ଧି କରିବାରେ ଆଦ୍ୟ ରାଜ୍ୟ ତଥା ଜାତୀୟ ଓ ଆନ୍ତର୍ଜାତୀୟ ସ୍ତରରେ ହସ୍ତତନ୍ତ ପ୍ରଦର୍ଶନୀ ଆୟୋଜନ।
ହସ୍ତତନ୍ତ ବସ୍ତ୍ରର ବିକ୍ରୟ ବୃଦ୍ଧି ନିମନ୍ତେ ସମବାୟ ସଂସ୍ଥା ମାନଙ୍କୁ ଶତକଡ଼ା ୧୦ ହାରରେ ବଜାର ବିପଣନ (M.I.) ସହାୟତା।
କ୍ରେତା ମାନଙ୍କୁ ହସ୍ତତନ୍ତ ବସ୍ତ୍ରପତି ଆକୃଷ୍ଟ କରିବା ନିମନ୍ତେ ହସ୍ତତନ୍ତ ପୋଷାକ ଉପରେ ଶତକଡ଼ା ୧୦ ହାରରେ ସ୍ୱତନ୍ତ୍ର ରିହାତି।
ବୁଣାକାର ମାନଙ୍କ ଆର୍ଥିକ କ୍ଷେତ୍ରରେ ଉନ୍ନତି ନିମନ୍ତେ ଫ୍ୟାବ ଇଣ୍ଡିଆ ସଂସ୍ଥା ସହଯୋଗରେ ତଥା ବୁଣାକାରମାନଙ୍କ ନିଜସ୍ୱ ଭାଗିଦାରୀ ମାଧ୍ୟମରେ ଗୋଷ୍ଠୀଗତ ନିଜସ୍ୱ ସଂଗଠନ (Community Owned Company) ଗଠନ।
ରାଜ୍ୟରେ ହସ୍ତତନ୍ତ ପରମ୍ପରାର ସୁରକ୍ଷା ତଥା ବସ୍ତ୍ରର ଗୁଣବତ୍ତା ବୃଦ୍ଧି ନିମନ୍ତେ ଆଧୁନିକ ବଜାରରୁ ଲକ୍ଷ୍ୟ କରି ରାଶି ହସ୍ତତନ୍ତ କ୍ଷେତ୍ରରେ ଅଭିଜ୍ଞତା ଥିବା ଡିଜାଇନରମାନଙ୍କ (Designer) ନିଯୁକ୍ତି।
